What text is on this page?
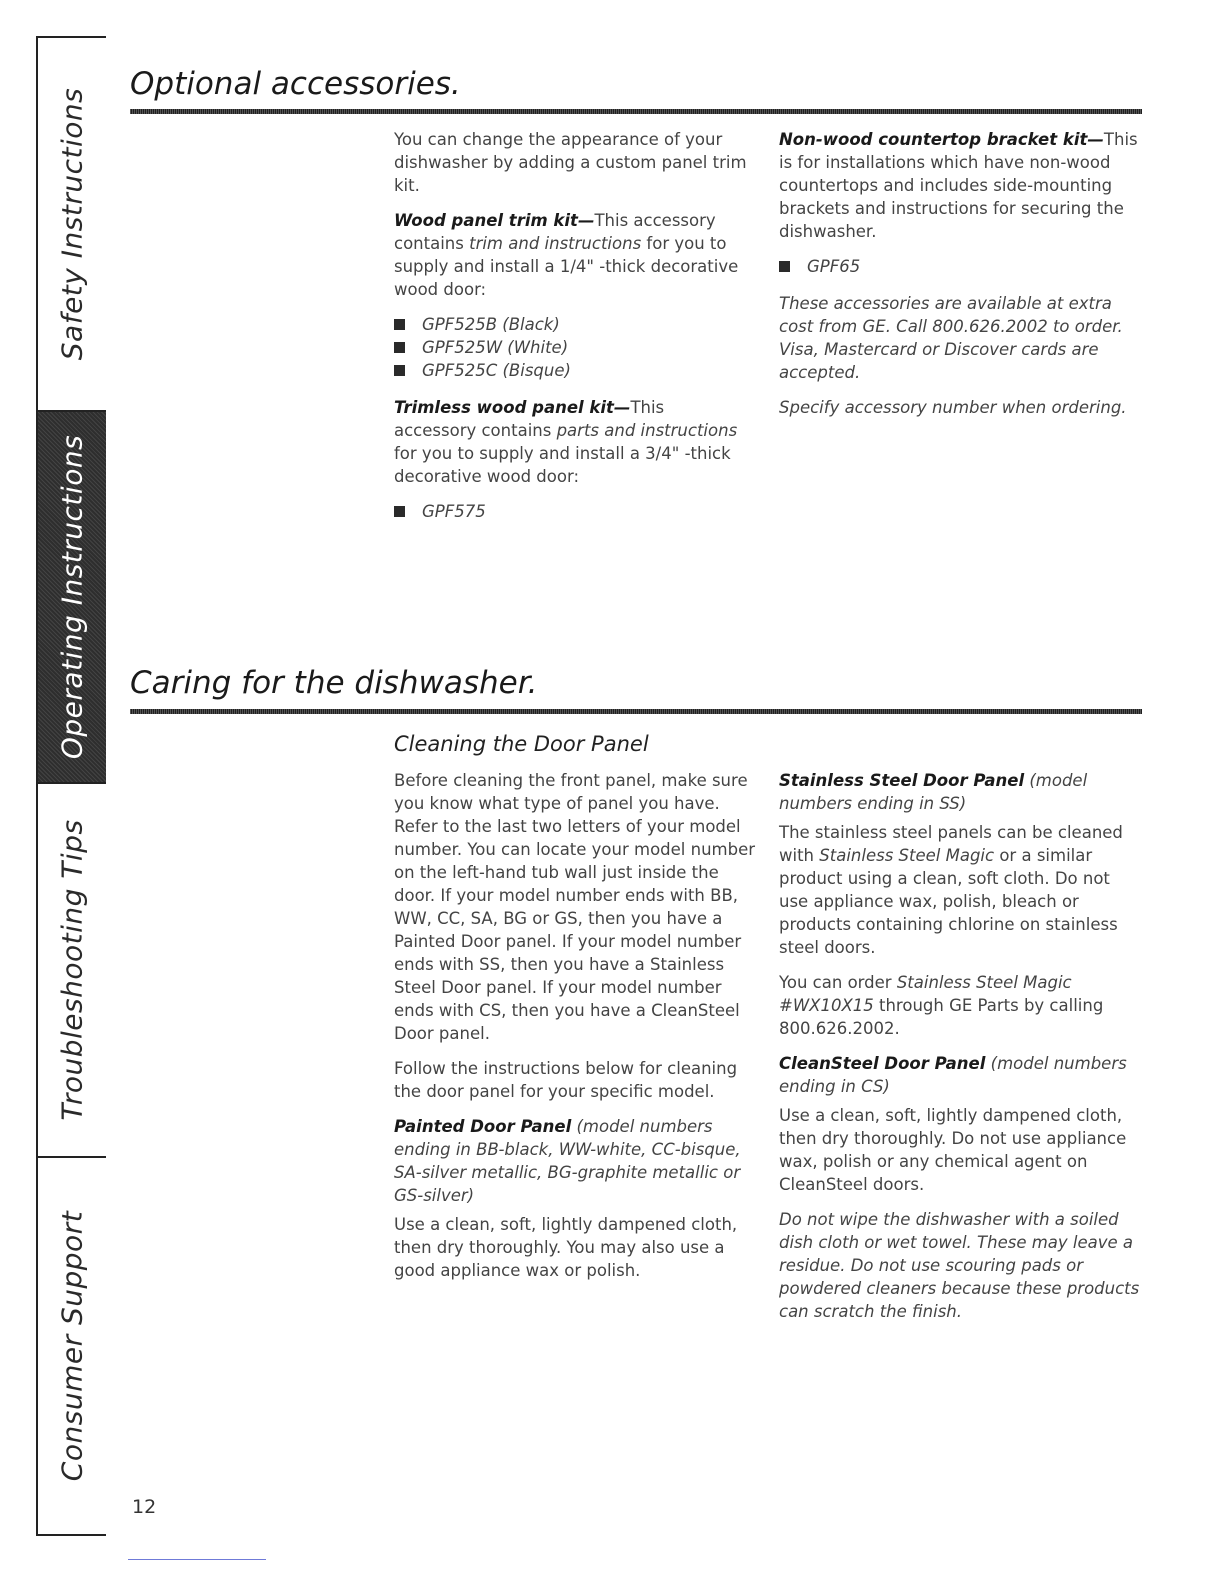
Safety Instructions
Operating Instructions
Troubleshooting Tips
Consumer Support
Optional accessories.

You can change the appearance of your dishwasher by adding a custom panel trim kit.

Wood panel trim kit—This accessory contains trim and instructions for you to supply and install a 1/4" -thick decorative wood door:

GPF525B (Black)
GPF525W (White)
GPF525C (Bisque)

Trimless wood panel kit—This accessory contains parts and instructions for you to supply and install a 3/4" -thick decorative wood door:

GPF575

Non-wood countertop bracket kit—This is for installations which have non-wood countertops and includes side-mounting brackets and instructions for securing the dishwasher.

GPF65

These accessories are available at extra cost from GE. Call 800.626.2002 to order. Visa, Mastercard or Discover cards are accepted.

Specify accessory number when ordering.

Caring for the dishwasher.
Cleaning the Door Panel

Before cleaning the front panel, make sure you know what type of panel you have. Refer to the last two letters of your model number. You can locate your model number on the left-hand tub wall just inside the door. If your model number ends with BB, WW, CC, SA, BG or GS, then you have a Painted Door panel. If your model number ends with SS, then you have a Stainless Steel Door panel. If your model number ends with CS, then you have a CleanSteel Door panel.

Follow the instructions below for cleaning the door panel for your specific model.

Painted Door Panel (model numbers ending in BB-black, WW-white, CC-bisque, SA-silver metallic, BG-graphite metallic or GS-silver)

Use a clean, soft, lightly dampened cloth, then dry thoroughly. You may also use a good appliance wax or polish.

Stainless Steel Door Panel (model numbers ending in SS)

The stainless steel panels can be cleaned with Stainless Steel Magic or a similar product using a clean, soft cloth. Do not use appliance wax, polish, bleach or products containing chlorine on stainless steel doors.

You can order Stainless Steel Magic #WX10X15 through GE Parts by calling 800.626.2002.

CleanSteel Door Panel (model numbers ending in CS)

Use a clean, soft, lightly dampened cloth, then dry thoroughly. Do not use appliance wax, polish or any chemical agent on CleanSteel doors.

Do not wipe the dishwasher with a soiled dish cloth or wet towel. These may leave a residue. Do not use scouring pads or powdered cleaners because these products can scratch the finish.

12
